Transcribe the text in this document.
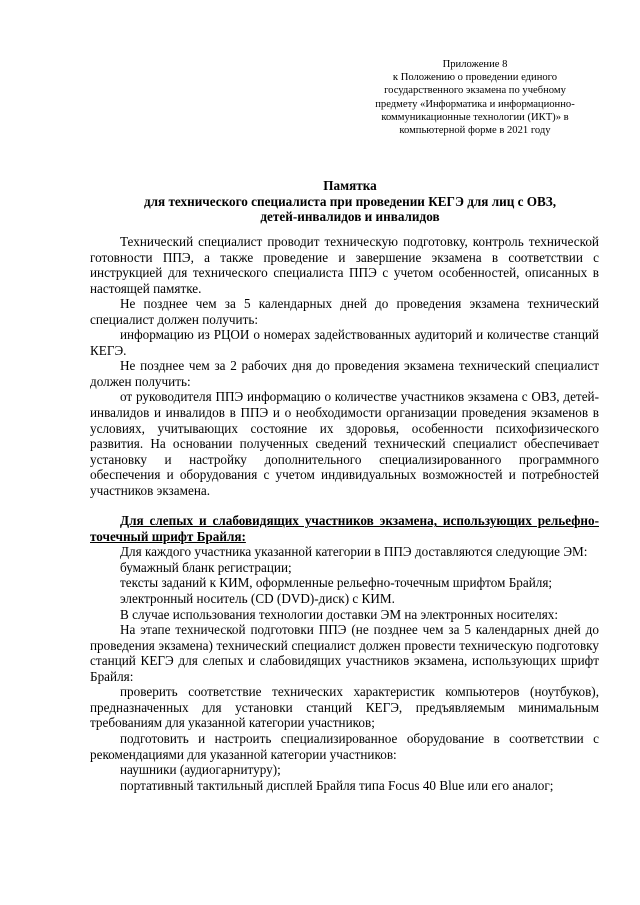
Приложение 8
к Положению о проведении единого
государственного экзамена по учебному
предмету «Информатика и информационно-
коммуникационные технологии (ИКТ)» в
компьютерной форме в 2021 году
Памятка
для технического специалиста при проведении КЕГЭ для лиц с ОВЗ,
детей-инвалидов и инвалидов

Технический специалист проводит техническую подготовку, контроль технической готовности ППЭ, а также проведение и завершение экзамена в соответствии с инструкцией для технического специалиста ППЭ с учетом особенностей, описанных в настоящей памятке.

Не позднее чем за 5 календарных дней до проведения экзамена технический специалист должен получить:

информацию из РЦОИ о номерах задействованных аудиторий и количестве станций КЕГЭ.

Не позднее чем за 2 рабочих дня до проведения экзамена технический специалист должен получить:

от руководителя ППЭ информацию о количестве участников экзамена с ОВЗ, детей-инвалидов и инвалидов в ППЭ и о необходимости организации проведения экзаменов в условиях, учитывающих состояние их здоровья, особенности психофизического развития. На основании полученных сведений технический специалист обеспечивает установку и настройку дополнительного специализированного программного обеспечения и оборудования с учетом индивидуальных возможностей и потребностей участников экзамена.

Для слепых и слабовидящих участников экзамена, использующих рельефно-точечный шрифт Брайля:

Для каждого участника указанной категории в ППЭ доставляются следующие ЭМ:

бумажный бланк регистрации;

тексты заданий к КИМ, оформленные рельефно-точечным шрифтом Брайля;

электронный носитель (CD (DVD)-диск) с КИМ.

В случае использования технологии доставки ЭМ на электронных носителях:

На этапе технической подготовки ППЭ (не позднее чем за 5 календарных дней до проведения экзамена) технический специалист должен провести техническую подготовку станций КЕГЭ для слепых и слабовидящих участников экзамена, использующих шрифт Брайля:

проверить соответствие технических характеристик компьютеров (ноутбуков), предназначенных для установки станций КЕГЭ, предъявляемым минимальным требованиям для указанной категории участников;

подготовить и настроить специализированное оборудование в соответствии с рекомендациями для указанной категории участников:

наушники (аудиогарнитуру);

портативный тактильный дисплей Брайля типа Focus 40 Blue или его аналог;
